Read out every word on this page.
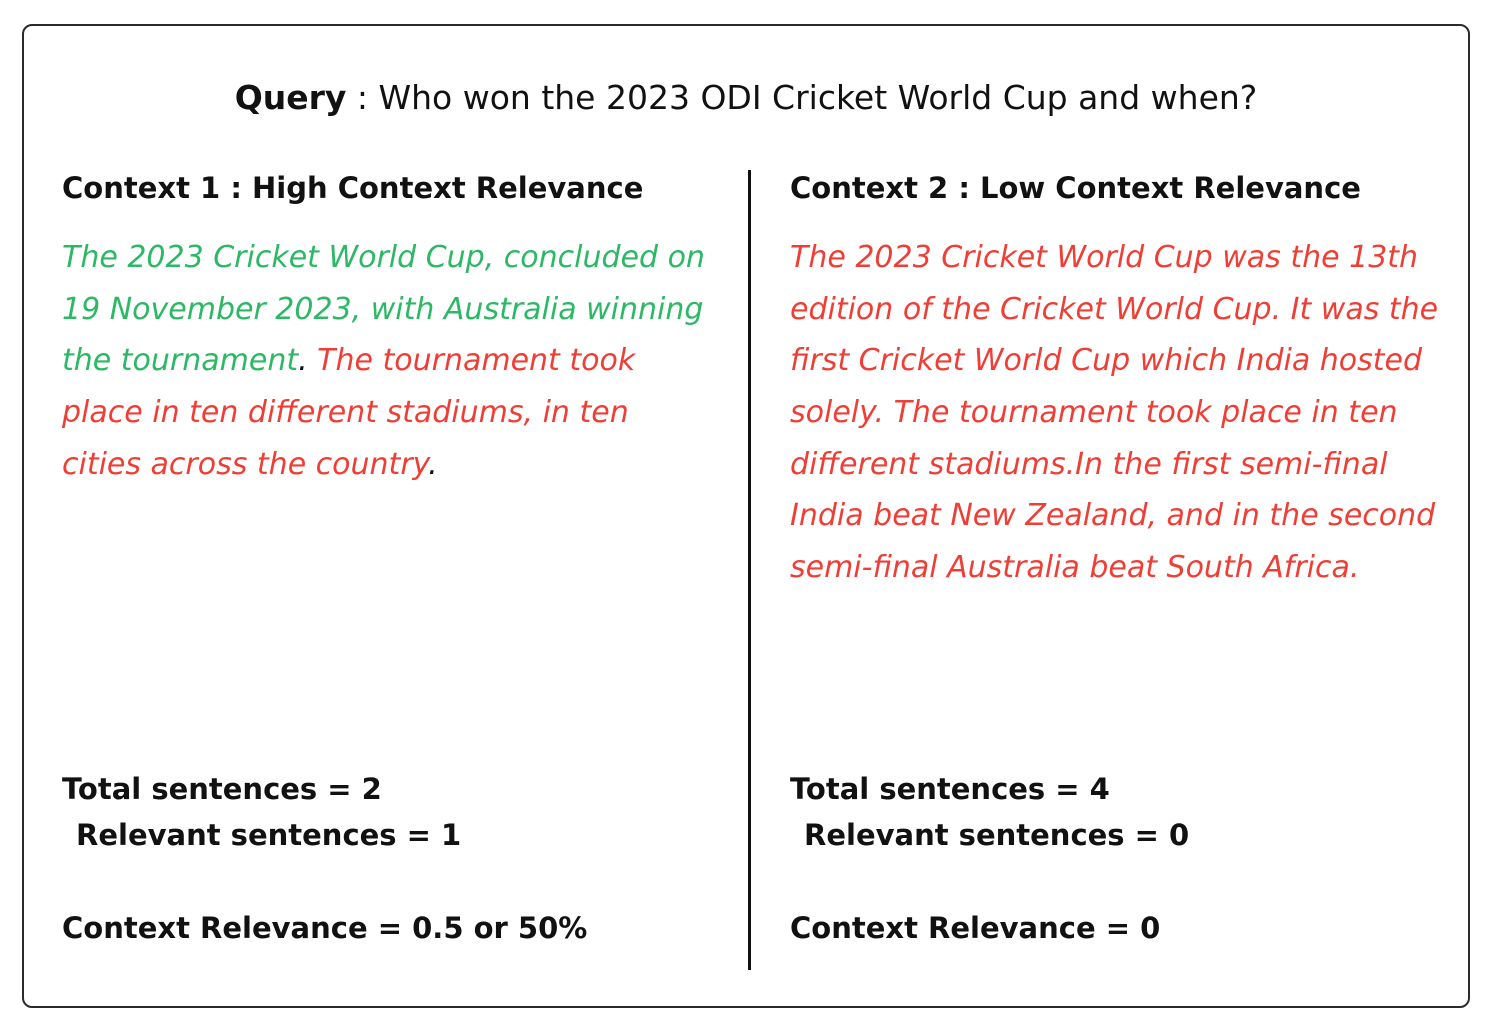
Query : Who won the 2023 ODI Cricket World Cup and when?
Context 1 : High Context Relevance
The 2023 Cricket World Cup, concluded on 19 November 2023, with Australia winning the tournament. The tournament took place in ten different stadiums, in ten cities across the country.
Context 2 : Low Context Relevance
The 2023 Cricket World Cup was the 13th edition of the Cricket World Cup. It was the first Cricket World Cup which India hosted solely. The tournament took place in ten different stadiums.In the first semi-final India beat New Zealand, and in the second semi-final Australia beat South Africa.
Total sentences = 2
Relevant sentences = 1
Total sentences = 4
Relevant sentences = 0
Context Relevance = 0.5 or 50%	Context Relevance = 0
